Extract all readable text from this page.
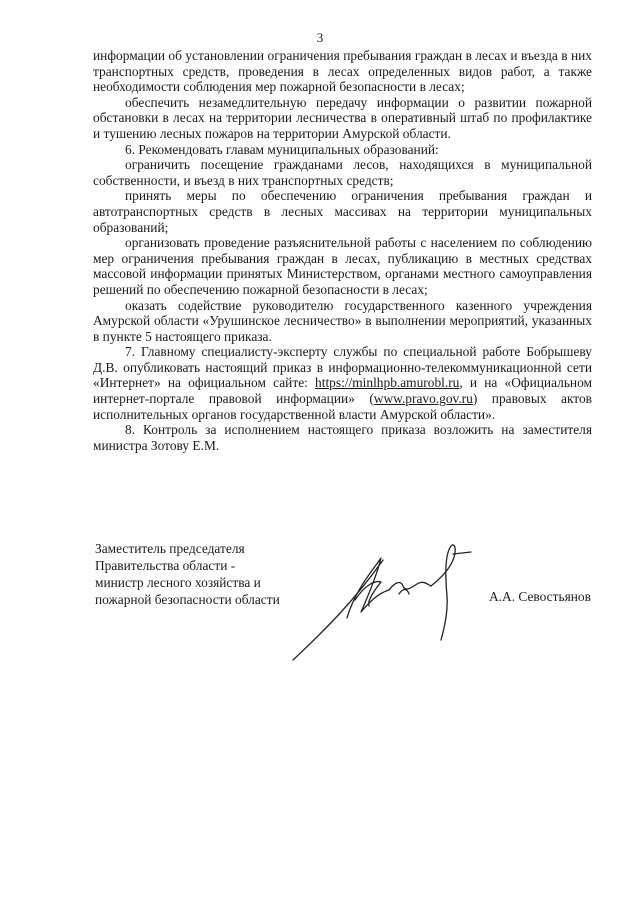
3

информации об установлении ограничения пребывания граждан в лесах и въезда в них транспортных средств, проведения в лесах определенных видов работ, а также необходимости соблюдения мер пожарной безопасности в лесах;

обеспечить незамедлительную передачу информации о развитии пожарной обстановки в лесах на территории лесничества в оперативный штаб по профилактике и тушению лесных пожаров на территории Амурской области.

6. Рекомендовать главам муниципальных образований:

ограничить посещение гражданами лесов, находящихся в муниципальной собственности, и въезд в них транспортных средств;

принять меры по обеспечению ограничения пребывания граждан и автотранспортных средств в лесных массивах на территории муниципальных образований;

организовать проведение разъяснительной работы с населением по соблюдению мер ограничения пребывания граждан в лесах, публикацию в местных средствах массовой информации принятых Министерством, органами местного самоуправления решений по обеспечению пожарной безопасности в лесах;

оказать содействие руководителю государственного казенного учреждения Амурской области «Урушинское лесничество» в выполнении мероприятий, указанных в пункте 5 настоящего приказа.

7. Главному специалисту-эксперту службы по специальной работе Бобрышеву Д.В. опубликовать настоящий приказ в информационно-телекоммуникационной сети «Интернет» на официальном сайте: https://minlhpb.amurobl.ru, и на «Официальном интернет-портале правовой информации» (www.pravo.gov.ru) правовых актов исполнительных органов государственной власти Амурской области».

8. Контроль за исполнением настоящего приказа возложить на заместителя министра Зотову Е.М.

Заместитель председателя
Правительства области -
министр лесного хозяйства и
пожарной безопасности области	А.А. Севостьянов
